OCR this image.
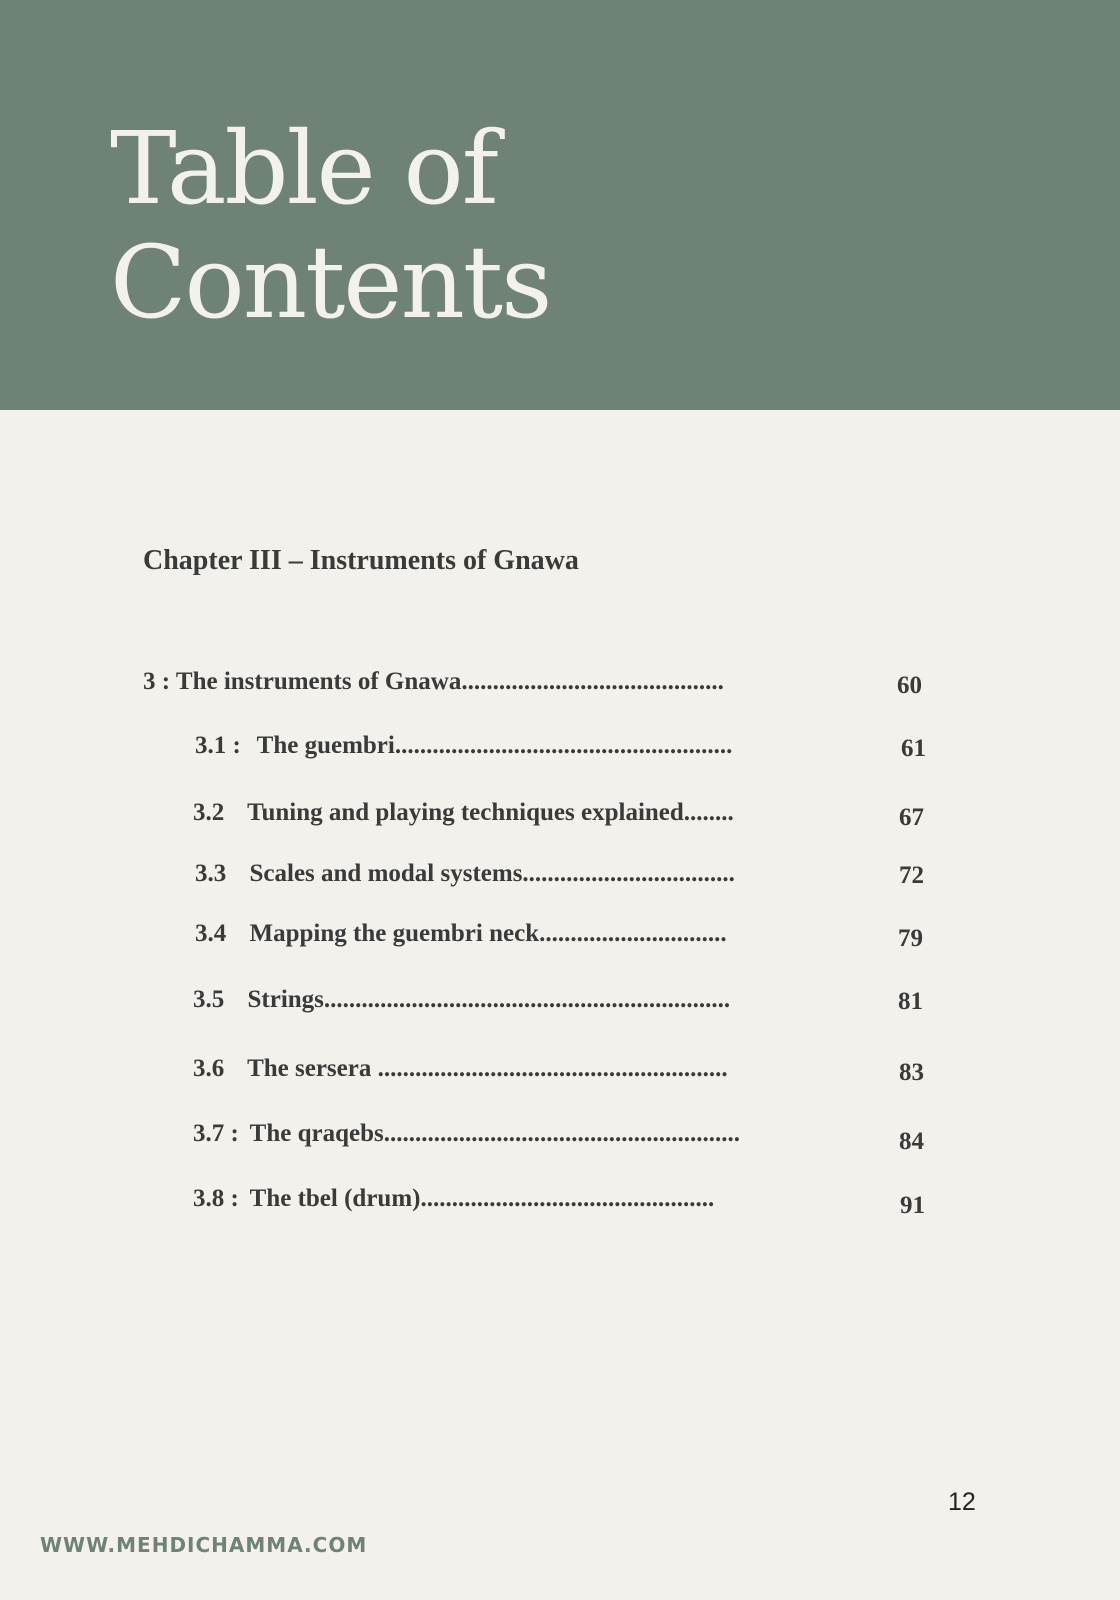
Table of
Contents
Chapter III – Instruments of Gnawa
3 : The instruments of Gnawa..........................................	60
3.1 : The guembri......................................................	61
3.2 Tuning and playing techniques explained........	67
3.3 Scales and modal systems..................................	72
3.4 Mapping the guembri neck..............................	79
3.5 Strings.................................................................	81
3.6 The sersera ........................................................	83
3.7 : The qraqebs.........................................................	84
3.8 : The tbel (drum)...............................................	91
12
WWW.MEHDICHAMMA.COM
